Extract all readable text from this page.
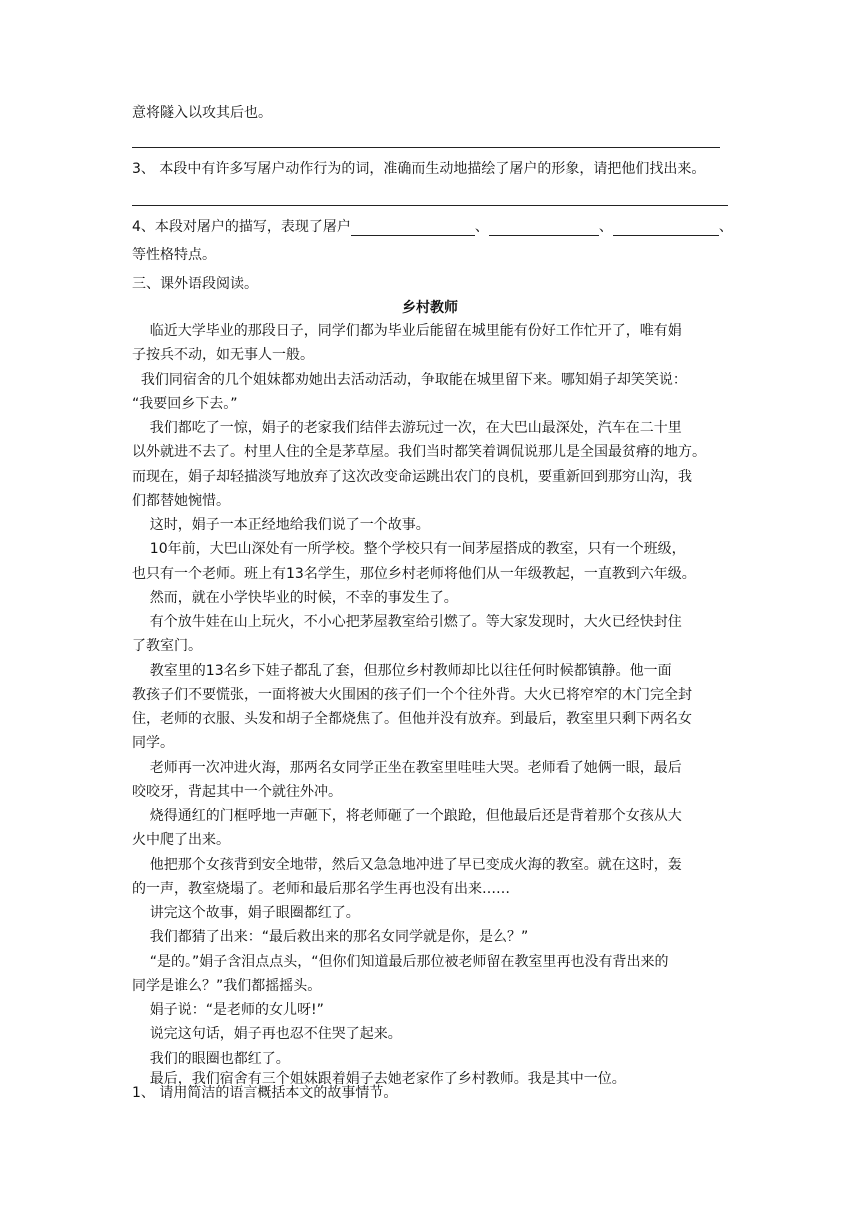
意将隧入以攻其后也。
3、 本段中有许多写屠户动作行为的词，准确而生动地描绘了屠户的形象，请把他们找出来。
4、本段对屠户的描写，表现了屠户	、	、	、
等性格特点。
三、课外语段阅读。
乡村教师
临近大学毕业的那段日子，同学们都为毕业后能留在城里能有份好工作忙开了，唯有娟
子按兵不动，如无事人一般。
我们同宿舍的几个姐妹都劝她出去活动活动，争取能在城里留下来。哪知娟子却笑笑说：
“我要回乡下去。”
我们都吃了一惊，娟子的老家我们结伴去游玩过一次，在大巴山最深处，汽车在二十里
以外就进不去了。村里人住的全是茅草屋。我们当时都笑着调侃说那儿是全国最贫瘠的地方。
而现在，娟子却轻描淡写地放弃了这次改变命运跳出农门的良机，要重新回到那穷山沟，我
们都替她惋惜。
这时，娟子一本正经地给我们说了一个故事。
10年前，大巴山深处有一所学校。整个学校只有一间茅屋搭成的教室，只有一个班级，
也只有一个老师。班上有13名学生，那位乡村老师将他们从一年级教起，一直教到六年级。
然而，就在小学快毕业的时候，不幸的事发生了。
有个放牛娃在山上玩火，不小心把茅屋教室给引燃了。等大家发现时，大火已经快封住
了教室门。
教室里的13名乡下娃子都乱了套，但那位乡村教师却比以往任何时候都镇静。他一面
教孩子们不要慌张，一面将被大火围困的孩子们一个个往外背。大火已将窄窄的木门完全封
住，老师的衣服、头发和胡子全都烧焦了。但他并没有放弃。到最后，教室里只剩下两名女
同学。
老师再一次冲进火海，那两名女同学正坐在教室里哇哇大哭。老师看了她俩一眼，最后
咬咬牙，背起其中一个就往外冲。
烧得通红的门框呼地一声砸下，将老师砸了一个踉跄，但他最后还是背着那个女孩从大
火中爬了出来。
他把那个女孩背到安全地带，然后又急急地冲进了早已变成火海的教室。就在这时，轰
的一声，教室烧塌了。老师和最后那名学生再也没有出来……
讲完这个故事，娟子眼圈都红了。
我们都猜了出来：“最后救出来的那名女同学就是你，是么？”
“是的。”娟子含泪点点头，“但你们知道最后那位被老师留在教室里再也没有背出来的
同学是谁么？”我们都摇摇头。
娟子说：“是老师的女儿呀!”
说完这句话，娟子再也忍不住哭了起来。
我们的眼圈也都红了。
最后，我们宿舍有三个姐妹跟着娟子去她老家作了乡村教师。我是其中一位。
1、 请用简洁的语言概括本文的故事情节。
